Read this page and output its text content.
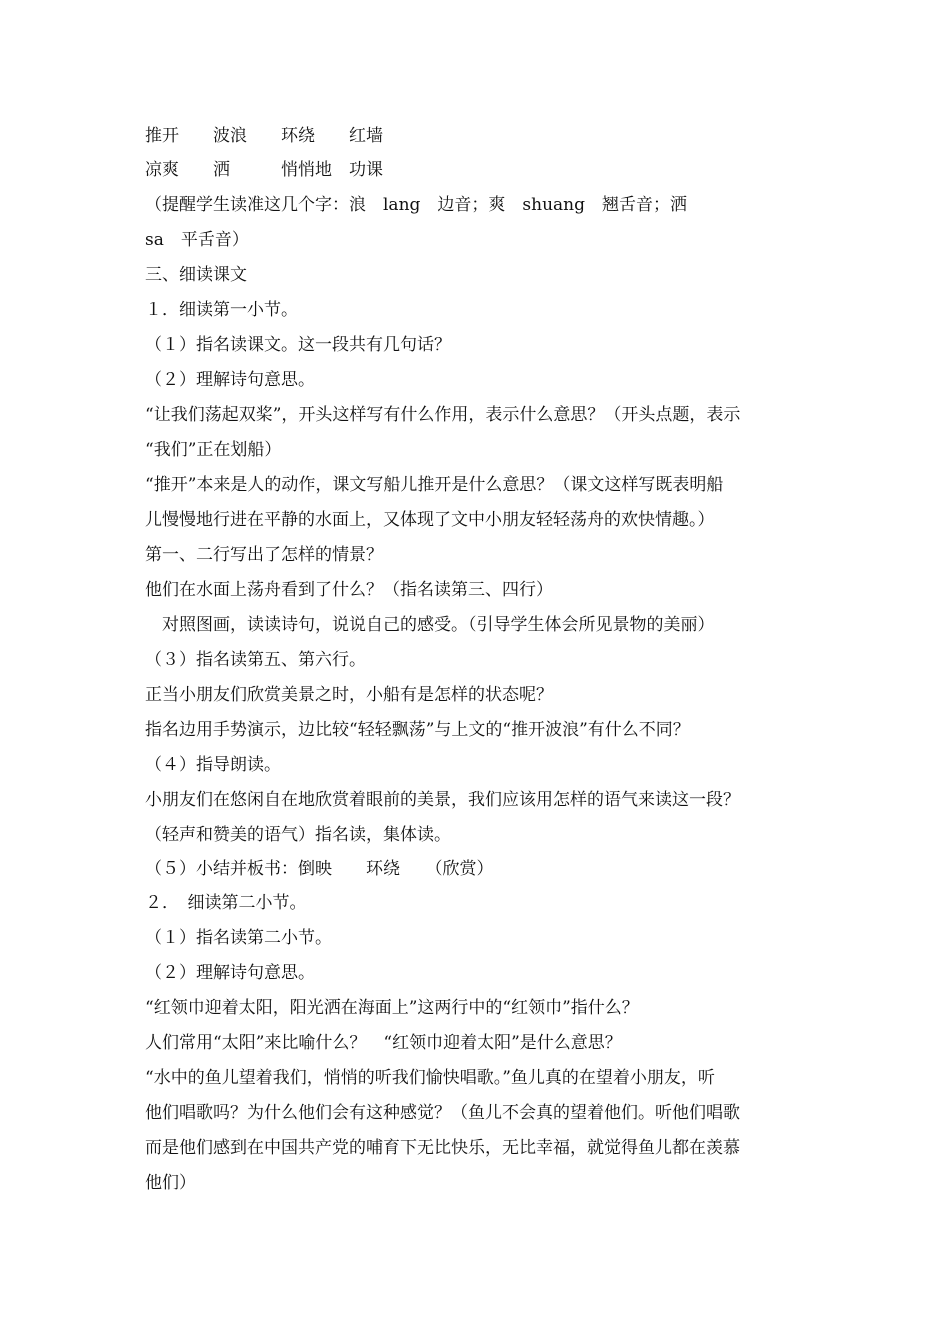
推开　　波浪　　环绕　　红墙
凉爽　　洒　　　悄悄地　功课
（提醒学生读准这几个字：浪　lang　边音；爽　shuang　翘舌音；洒
sa　平舌音）
三、细读课文
１．细读第一小节。
（１）指名读课文。这一段共有几句话？
（２）理解诗句意思。
“让我们荡起双桨”，开头这样写有什么作用，表示什么意思？（开头点题，表示
“我们”正在划船）
“推开”本来是人的动作，课文写船儿推开是什么意思？（课文这样写既表明船
儿慢慢地行进在平静的水面上，又体现了文中小朋友轻轻荡舟的欢快情趣。）
第一、二行写出了怎样的情景？
他们在水面上荡舟看到了什么？（指名读第三、四行）
　对照图画，读读诗句，说说自己的感受。（引导学生体会所见景物的美丽）
（３）指名读第五、第六行。
正当小朋友们欣赏美景之时，小船有是怎样的状态呢？
指名边用手势演示，边比较“轻轻飘荡”与上文的“推开波浪”有什么不同？
（４）指导朗读。
小朋友们在悠闲自在地欣赏着眼前的美景，我们应该用怎样的语气来读这一段？
（轻声和赞美的语气）指名读，集体读。
（５）小结并板书：倒映　　环绕　　（欣赏）
２．　细读第二小节。
（１）指名读第二小节。
（２）理解诗句意思。
“红领巾迎着太阳，阳光洒在海面上”这两行中的“红领巾”指什么？
人们常用“太阳”来比喻什么？　“红领巾迎着太阳”是什么意思？
“水中的鱼儿望着我们，悄悄的听我们愉快唱歌。”鱼儿真的在望着小朋友，听
他们唱歌吗？为什么他们会有这种感觉？（鱼儿不会真的望着他们。听他们唱歌
而是他们感到在中国共产党的哺育下无比快乐，无比幸福，就觉得鱼儿都在羡慕
他们）
